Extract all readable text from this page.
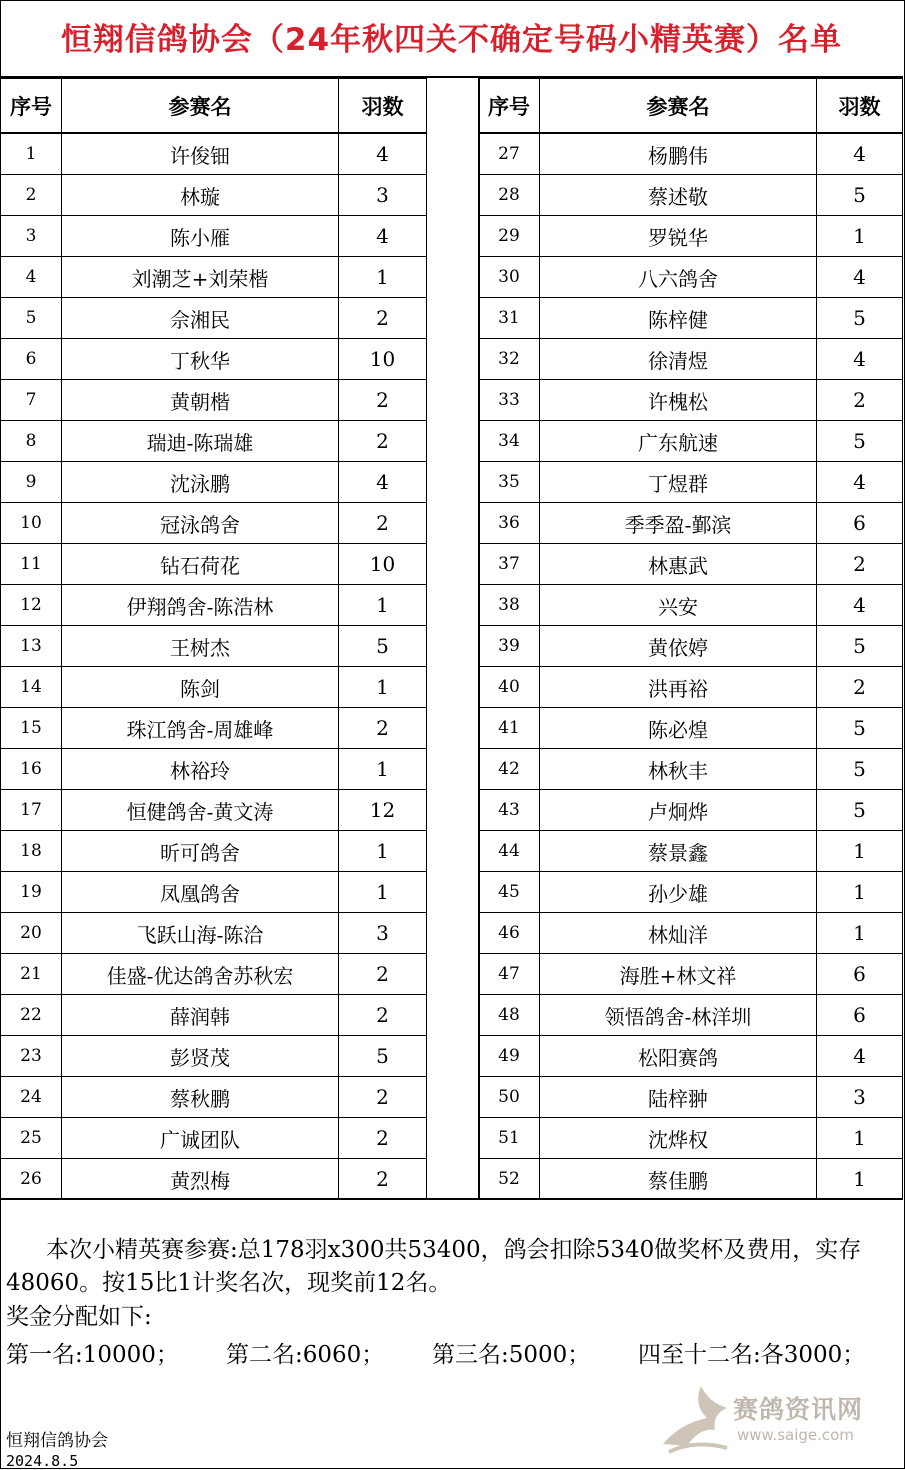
恒翔信鸽协会（24年秋四关不确定号码小精英赛）名单
序号	参赛名	羽数
1	许俊钿	4
2	林璇	3
3	陈小雁	4
4	刘潮芝+刘荣楷	1
5	佘湘民	2
6	丁秋华	10
7	黄朝楷	2
8	瑞迪-陈瑞雄	2
9	沈泳鹏	4
10	冠泳鸽舍	2
11	钻石荷花	10
12	伊翔鸽舍-陈浩林	1
13	王树杰	5
14	陈剑	1
15	珠江鸽舍-周雄峰	2
16	林裕玲	1
17	恒健鸽舍-黄文涛	12
18	昕可鸽舍	1
19	凤凰鸽舍	1
20	飞跃山海-陈洽	3
21	佳盛-优达鸽舍苏秋宏	2
22	薛润韩	2
23	彭贤茂	5
24	蔡秋鹏	2
25	广诚团队	2
26	黄烈梅	2
序号	参赛名	羽数
27	杨鹏伟	4
28	蔡述敬	5
29	罗锐华	1
30	八六鸽舍	4
31	陈梓健	5
32	徐清煜	4
33	许槐松	2
34	广东航速	5
35	丁煜群	4
36	季季盈-鄞滨	6
37	林惠武	2
38	兴安	4
39	黄依婷	5
40	洪再裕	2
41	陈必煌	5
42	林秋丰	5
43	卢炯烨	5
44	蔡景鑫	1
45	孙少雄	1
46	林灿洋	1
47	海胜+林文祥	6
48	领悟鸽舍-林洋圳	6
49	松阳赛鸽	4
50	陆梓翀	3
51	沈烨权	1
52	蔡佳鹏	1
本次小精英赛参赛:总178羽x300共53400，鸽会扣除5340做奖杯及费用，实存48060。按15比1计奖名次，现奖前12名。
奖金分配如下:
第一名:10000； 第二名:6060； 第三名:5000； 四至十二名:各3000；
恒翔信鸽协会
2024.8.5
赛鸽资讯网
www.saige.com
